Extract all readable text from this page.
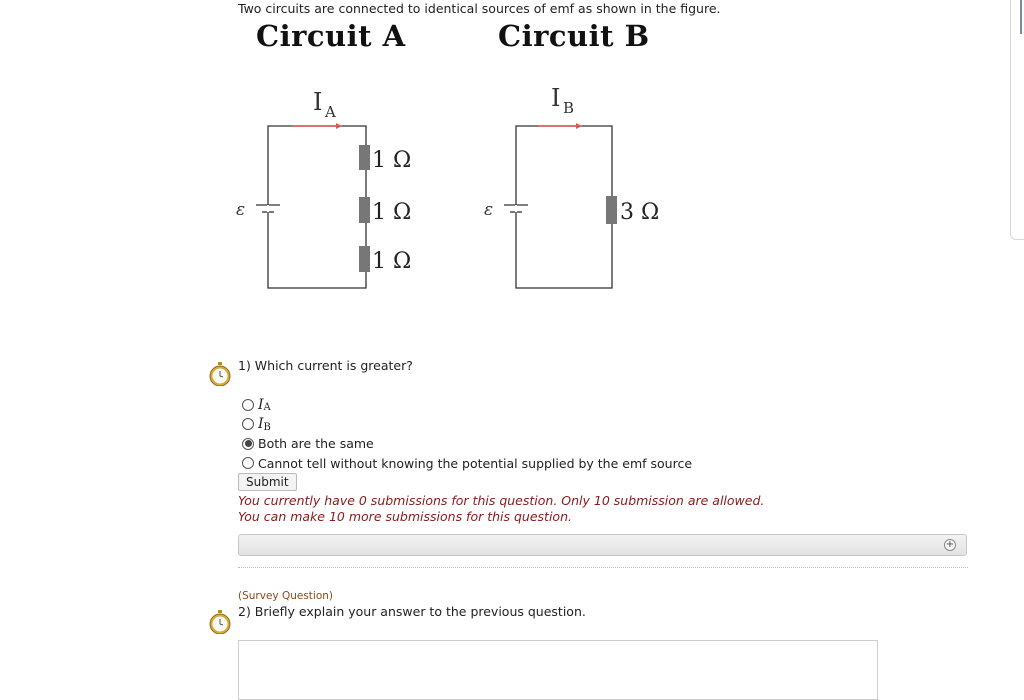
Two circuits are connected to identical sources of emf as shown in the figure.
Circuit A	Circuit B
1 Ω
1 Ω
1 Ω
ε
I A
3 Ω
ε
I B
1) Which current is greater?
I A
I B
Both are the same
Cannot tell without knowing the potential supplied by the emf source
Submit
You currently have 0 submissions for this question. Only 10 submission are allowed.
You can make 10 more submissions for this question.
+
(Survey Question)
2) Briefly explain your answer to the previous question.
